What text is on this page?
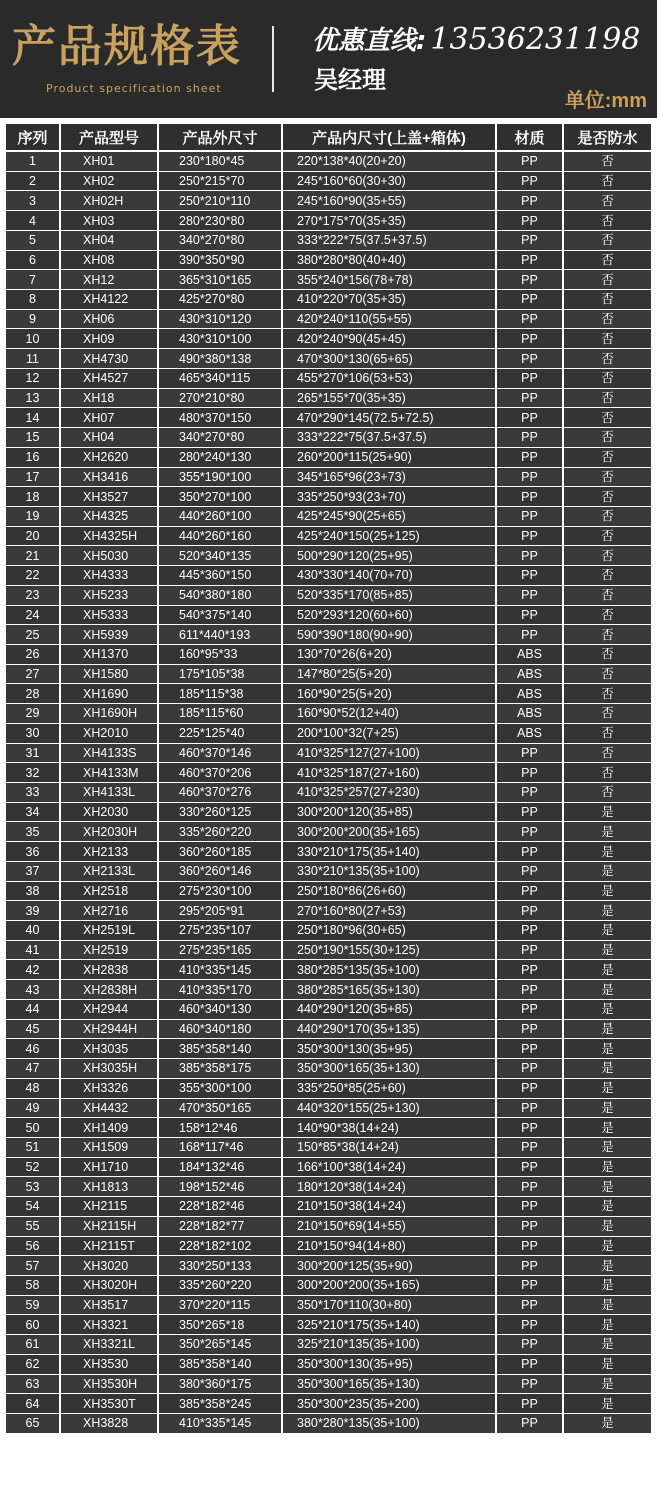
产品规格表
Product specification sheet
优惠直线: 13536231198
吴经理
单位:mm
序列	产品型号	产品外尺寸	产品内尺寸(上盖+箱体)	材质	是否防水
1	XH01	230*180*45	220*138*40(20+20)	PP	否
2	XH02	250*215*70	245*160*60(30+30)	PP	否
3	XH02H	250*210*110	245*160*90(35+55)	PP	否
4	XH03	280*230*80	270*175*70(35+35)	PP	否
5	XH04	340*270*80	333*222*75(37.5+37.5)	PP	否
6	XH08	390*350*90	380*280*80(40+40)	PP	否
7	XH12	365*310*165	355*240*156(78+78)	PP	否
8	XH4122	425*270*80	410*220*70(35+35)	PP	否
9	XH06	430*310*120	420*240*110(55+55)	PP	否
10	XH09	430*310*100	420*240*90(45+45)	PP	否
11	XH4730	490*380*138	470*300*130(65+65)	PP	否
12	XH4527	465*340*115	455*270*106(53+53)	PP	否
13	XH18	270*210*80	265*155*70(35+35)	PP	否
14	XH07	480*370*150	470*290*145(72.5+72.5)	PP	否
15	XH04	340*270*80	333*222*75(37.5+37.5)	PP	否
16	XH2620	280*240*130	260*200*115(25+90)	PP	否
17	XH3416	355*190*100	345*165*96(23+73)	PP	否
18	XH3527	350*270*100	335*250*93(23+70)	PP	否
19	XH4325	440*260*100	425*245*90(25+65)	PP	否
20	XH4325H	440*260*160	425*240*150(25+125)	PP	否
21	XH5030	520*340*135	500*290*120(25+95)	PP	否
22	XH4333	445*360*150	430*330*140(70+70)	PP	否
23	XH5233	540*380*180	520*335*170(85+85)	PP	否
24	XH5333	540*375*140	520*293*120(60+60)	PP	否
25	XH5939	611*440*193	590*390*180(90+90)	PP	否
26	XH1370	160*95*33	130*70*26(6+20)	ABS	否
27	XH1580	175*105*38	147*80*25(5+20)	ABS	否
28	XH1690	185*115*38	160*90*25(5+20)	ABS	否
29	XH1690H	185*115*60	160*90*52(12+40)	ABS	否
30	XH2010	225*125*40	200*100*32(7+25)	ABS	否
31	XH4133S	460*370*146	410*325*127(27+100)	PP	否
32	XH4133M	460*370*206	410*325*187(27+160)	PP	否
33	XH4133L	460*370*276	410*325*257(27+230)	PP	否
34	XH2030	330*260*125	300*200*120(35+85)	PP	是
35	XH2030H	335*260*220	300*200*200(35+165)	PP	是
36	XH2133	360*260*185	330*210*175(35+140)	PP	是
37	XH2133L	360*260*146	330*210*135(35+100)	PP	是
38	XH2518	275*230*100	250*180*86(26+60)	PP	是
39	XH2716	295*205*91	270*160*80(27+53)	PP	是
40	XH2519L	275*235*107	250*180*96(30+65)	PP	是
41	XH2519	275*235*165	250*190*155(30+125)	PP	是
42	XH2838	410*335*145	380*285*135(35+100)	PP	是
43	XH2838H	410*335*170	380*285*165(35+130)	PP	是
44	XH2944	460*340*130	440*290*120(35+85)	PP	是
45	XH2944H	460*340*180	440*290*170(35+135)	PP	是
46	XH3035	385*358*140	350*300*130(35+95)	PP	是
47	XH3035H	385*358*175	350*300*165(35+130)	PP	是
48	XH3326	355*300*100	335*250*85(25+60)	PP	是
49	XH4432	470*350*165	440*320*155(25+130)	PP	是
50	XH1409	158*12*46	140*90*38(14+24)	PP	是
51	XH1509	168*117*46	150*85*38(14+24)	PP	是
52	XH1710	184*132*46	166*100*38(14+24)	PP	是
53	XH1813	198*152*46	180*120*38(14+24)	PP	是
54	XH2115	228*182*46	210*150*38(14+24)	PP	是
55	XH2115H	228*182*77	210*150*69(14+55)	PP	是
56	XH2115T	228*182*102	210*150*94(14+80)	PP	是
57	XH3020	330*250*133	300*200*125(35+90)	PP	是
58	XH3020H	335*260*220	300*200*200(35+165)	PP	是
59	XH3517	370*220*115	350*170*110(30+80)	PP	是
60	XH3321	350*265*18	325*210*175(35+140)	PP	是
61	XH3321L	350*265*145	325*210*135(35+100)	PP	是
62	XH3530	385*358*140	350*300*130(35+95)	PP	是
63	XH3530H	380*360*175	350*300*165(35+130)	PP	是
64	XH3530T	385*358*245	350*300*235(35+200)	PP	是
65	XH3828	410*335*145	380*280*135(35+100)	PP	是
